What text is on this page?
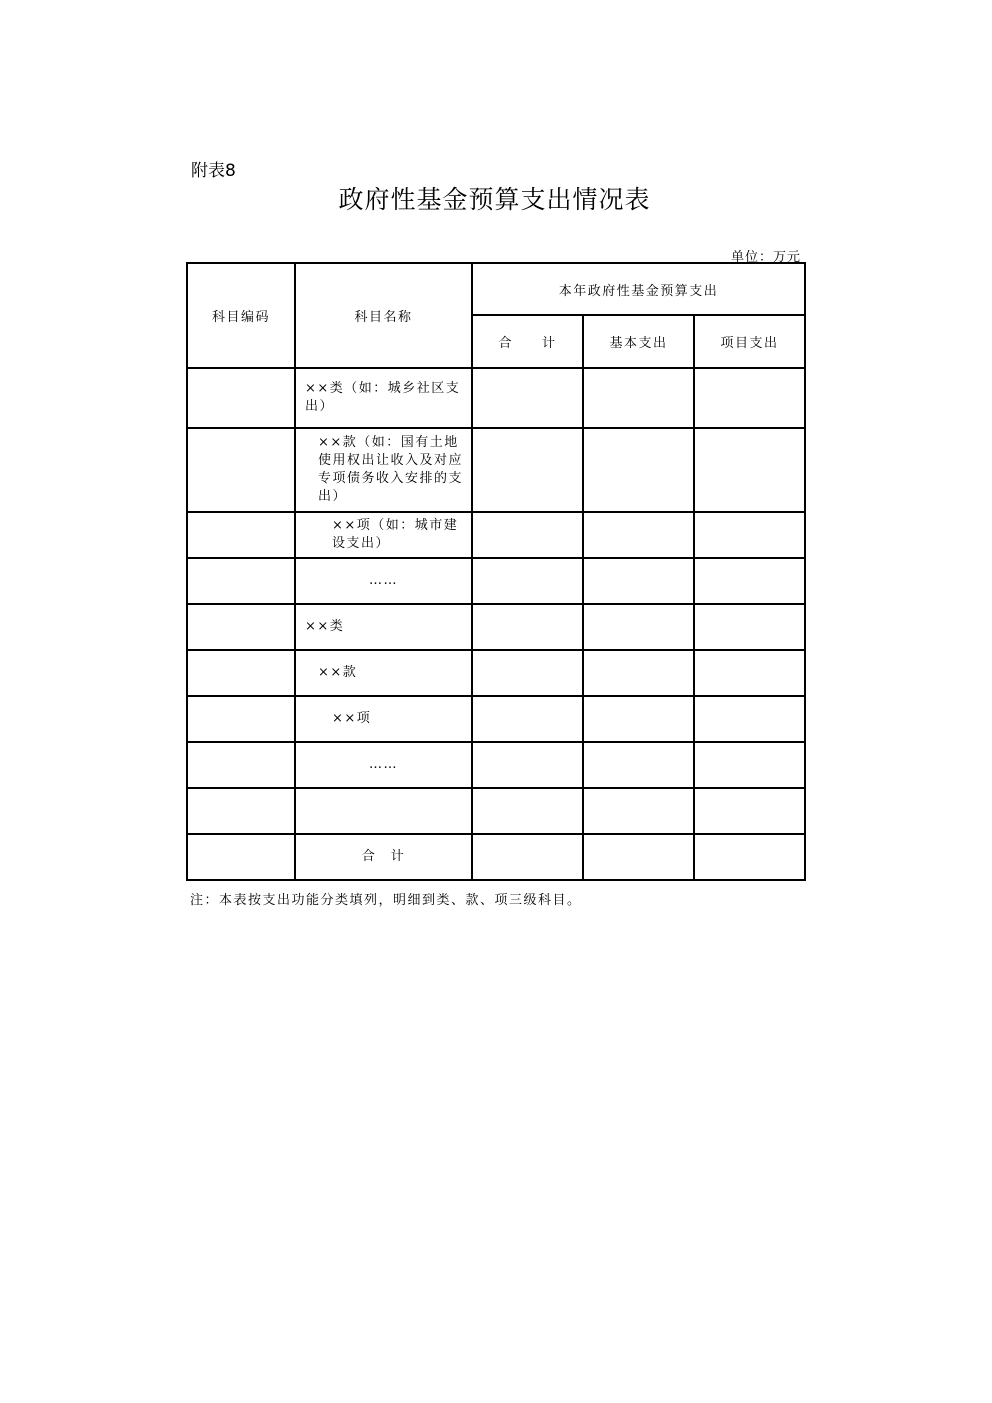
附表8
政府性基金预算支出情况表
单位：万元
科目编码	科目名称	本年政府性基金预算支出		
		合　　计	基本支出	项目支出
	××类（如：城乡社区支出）			
	××款（如：国有土地使用权出让收入及对应专项债务收入安排的支出）			
	××项（如：城市建设支出）			
	……			
	××类			
	××款			
	××项			
	……			

	合　计			
注：本表按支出功能分类填列，明细到类、款、项三级科目。
